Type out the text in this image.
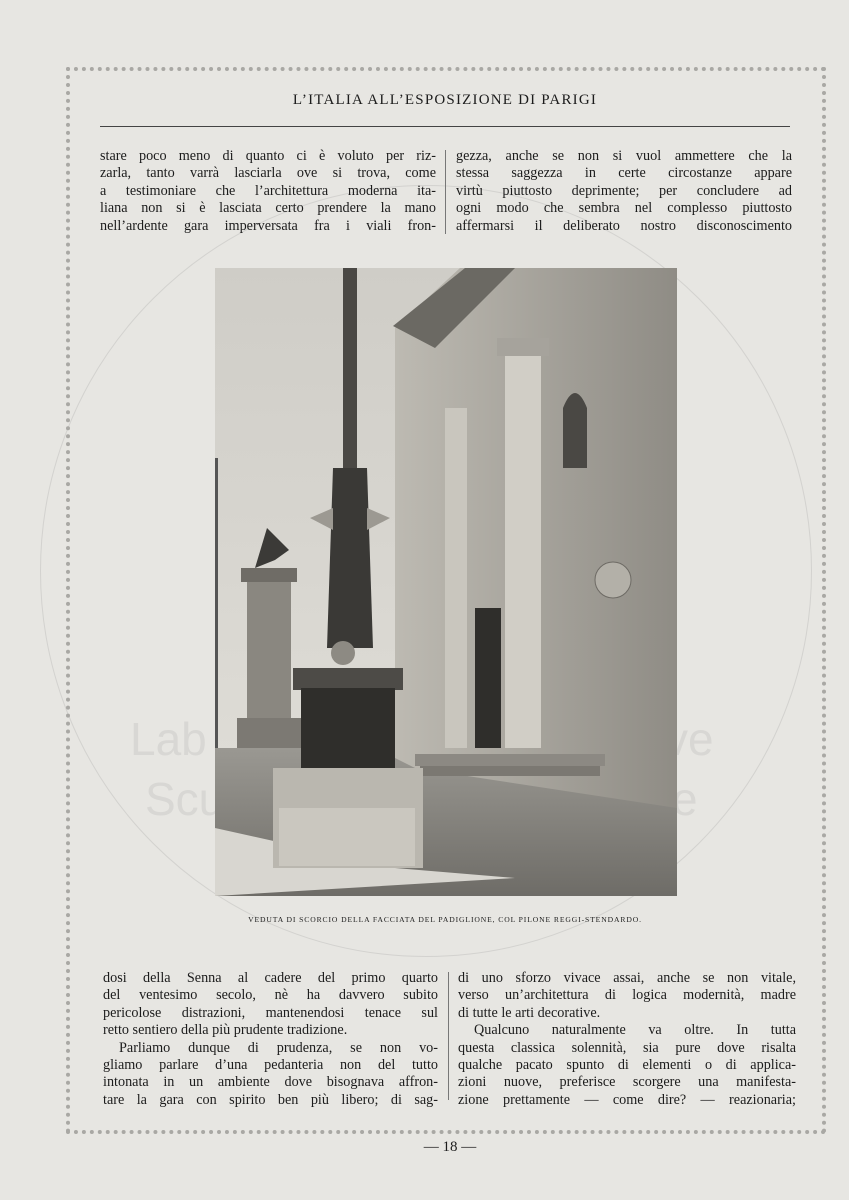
Lab
Scu
ve
e
L’ITALIA ALL’ESPOSIZIONE DI PARIGI
stare poco meno di quanto ci è voluto per riz-
zarla, tanto varrà lasciarla ove si trova, come
a testimoniare che l’architettura moderna ita-
liana non si è lasciata certo prendere la mano
nell’ardente gara imperversata fra i viali fron-
gezza, anche se non si vuol ammettere che la
stessa saggezza in certe circostanze appare
virtù piuttosto deprimente; per concludere ad
ogni modo che sembra nel complesso piuttosto
affermarsi il deliberato nostro disconoscimento
VEDUTA DI SCORCIO DELLA FACCIATA DEL PADIGLIONE, COL PILONE REGGI-STENDARDO.
dosi della Senna al cadere del primo quarto
del ventesimo secolo, nè ha davvero subito
pericolose distrazioni, mantenendosi tenace sul
retto sentiero della più prudente tradizione.
Parliamo dunque di prudenza, se non vo-
gliamo parlare d’una pedanteria non del tutto
intonata in un ambiente dove bisognava affron-
tare la gara con spirito ben più libero; di sag-
di uno sforzo vivace assai, anche se non vitale,
verso un’architettura di logica modernità, madre
di tutte le arti decorative.
Qualcuno naturalmente va oltre. In tutta
questa classica solennità, sia pure dove risalta
qualche pacato spunto di elementi o di applica-
zioni nuove, preferisce scorgere una manifesta-
zione prettamente — come dire? — reazionaria;
— 18 —
